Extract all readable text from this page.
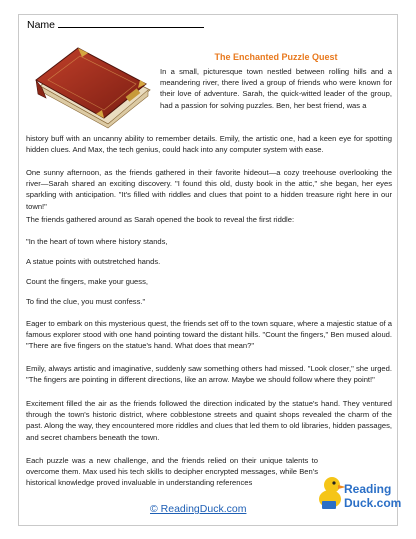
Name
The Enchanted Puzzle Quest

In a small, picturesque town nestled between rolling hills and a meandering river, there lived a group of friends who were known for their love of adventure. Sarah, the quick-witted leader of the group, had a passion for solving puzzles. Ben, her best friend, was a

history buff with an uncanny ability to remember details. Emily, the artistic one, had a keen eye for spotting hidden clues. And Max, the tech genius, could hack into any computer system with ease.

One sunny afternoon, as the friends gathered in their favorite hideout—a cozy treehouse overlooking the river—Sarah shared an exciting discovery. "I found this old, dusty book in the attic," she began, her eyes sparkling with anticipation. "It's filled with riddles and clues that point to a hidden treasure right here in our town!"

The friends gathered around as Sarah opened the book to reveal the first riddle:

"In the heart of town where history stands,

A statue points with outstretched hands.

Count the fingers, make your guess,

To find the clue, you must confess."

Eager to embark on this mysterious quest, the friends set off to the town square, where a majestic statue of a famous explorer stood with one hand pointing toward the distant hills. "Count the fingers," Ben mused aloud. "There are five fingers on the statue's hand. What does that mean?"

Emily, always artistic and imaginative, suddenly saw something others had missed. "Look closer," she urged. "The fingers are pointing in different directions, like an arrow. Maybe we should follow where they point!"

Excitement filled the air as the friends followed the direction indicated by the statue's hand. They ventured through the town's historic district, where cobblestone streets and quaint shops revealed the charm of the past. Along the way, they encountered more riddles and clues that led them to old libraries, hidden passages, and secret chambers beneath the town.

Each puzzle was a new challenge, and the friends relied on their unique talents to overcome them. Max used his tech skills to decipher encrypted messages, while Ben's historical knowledge proved invaluable in understanding references

© ReadingDuck.com
Reading
Duck.com
